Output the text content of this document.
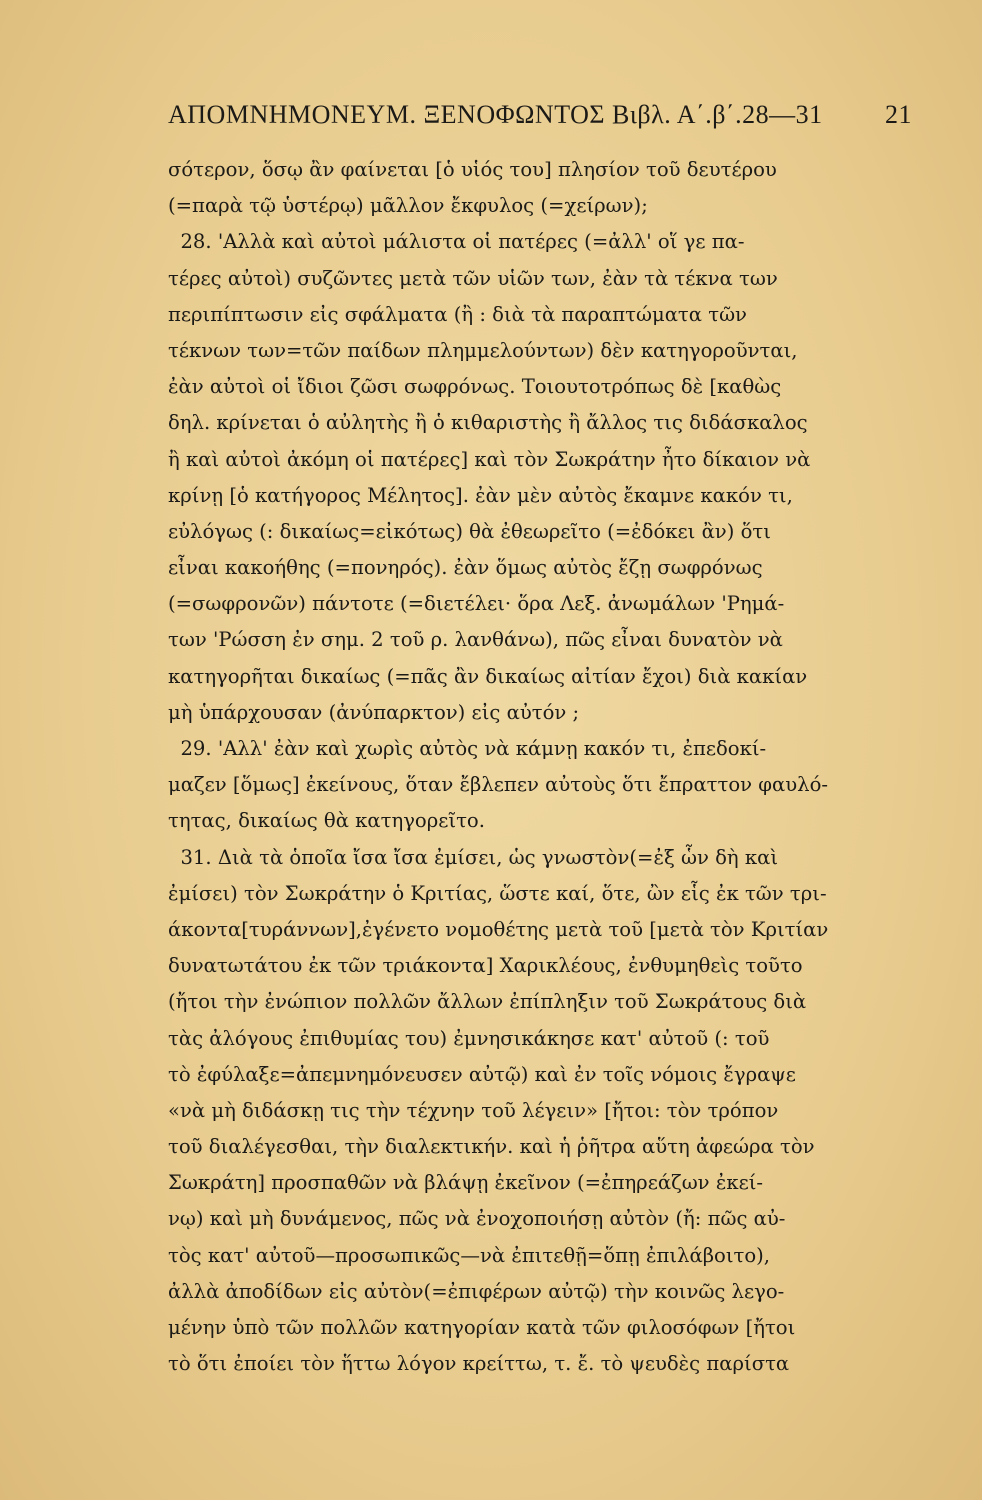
ΑΠΟΜΝΗΜΟΝΕΥΜ. ΞΕΝΟΦΩΝΤΟΣ Βιβλ. Α΄.β΄.28—31 21
σότερον, ὅσῳ ἂν φαίνεται [ὁ υἱός του] πλησίον τοῦ δευτέρου
(=παρὰ τῷ ὑστέρῳ) μᾶλλον ἔκφυλος (=χείρων);
28. 'Αλλὰ καὶ αὐτοὶ μάλιστα οἱ πατέρες (=ἀλλ' οἵ γε πα-
τέρες αὐτοὶ) συζῶντες μετὰ τῶν υἱῶν των, ἐὰν τὰ τέκνα των
περιπίπτωσιν εἰς σφάλματα (ἢ : διὰ τὰ παραπτώματα τῶν
τέκνων των=τῶν παίδων πλημμελούντων) δὲν κατηγοροῦνται,
ἐὰν αὐτοὶ οἱ ἴδιοι ζῶσι σωφρόνως. Τοιουτοτρόπως δὲ [καθὼς
δηλ. κρίνεται ὁ αὐλητὴς ἢ ὁ κιθαριστὴς ἢ ἄλλος τις διδάσκαλος
ἢ καὶ αὐτοὶ ἀκόμη οἱ πατέρες] καὶ τὸν Σωκράτην ἦτο δίκαιον νὰ
κρίνῃ [ὁ κατήγορος Μέλητος]. ἐὰν μὲν αὐτὸς ἔκαμνε κακόν τι,
εὐλόγως (: δικαίως=εἰκότως) θὰ ἐθεωρεῖτο (=ἐδόκει ἂν) ὅτι
εἶναι κακοήθης (=πονηρός). ἐὰν ὅμως αὐτὸς ἔζῃ σωφρόνως
(=σωφρονῶν) πάντοτε (=διετέλει· ὅρα Λεξ. ἀνωμάλων 'Ρημά-
των 'Ρώσση ἐν σημ. 2 τοῦ ρ. λανθάνω), πῶς εἶναι δυνατὸν νὰ
κατηγορῆται δικαίως (=πᾶς ἂν δικαίως αἰτίαν ἔχοι) διὰ κακίαν
μὴ ὑπάρχουσαν (ἀνύπαρκτον) εἰς αὐτόν ;
29. 'Αλλ' ἐὰν καὶ χωρὶς αὐτὸς νὰ κάμνῃ κακόν τι, ἐπεδοκί-
μαζεν [ὅμως] ἐκείνους, ὅταν ἔβλεπεν αὐτοὺς ὅτι ἔπραττον φαυλό-
τητας, δικαίως θὰ κατηγορεῖτο.
31. Διὰ τὰ ὁποῖα ἴσα ἴσα ἐμίσει, ὡς γνωστὸν(=ἐξ ὧν δὴ καὶ
ἐμίσει) τὸν Σωκράτην ὁ Κριτίας, ὥστε καί, ὅτε, ὢν εἷς ἐκ τῶν τρι-
άκοντα[τυράννων],ἐγένετο νομοθέτης μετὰ τοῦ [μετὰ τὸν Κριτίαν
δυνατωτάτου ἐκ τῶν τριάκοντα] Χαρικλέους, ἐνθυμηθεὶς τοῦτο
(ἤτοι τὴν ἐνώπιον πολλῶν ἄλλων ἐπίπληξιν τοῦ Σωκράτους διὰ
τὰς ἀλόγους ἐπιθυμίας του) ἐμνησικάκησε κατ' αὐτοῦ (: τοῦ
τὸ ἐφύλαξε=ἀπεμνημόνευσεν αὐτῷ) καὶ ἐν τοῖς νόμοις ἔγραψε
«νὰ μὴ διδάσκῃ τις τὴν τέχνην τοῦ λέγειν» [ἤτοι: τὸν τρόπον
τοῦ διαλέγεσθαι, τὴν διαλεκτικήν. καὶ ἡ ῥῆτρα αὕτη ἀφεώρα τὸν
Σωκράτη] προσπαθῶν νὰ βλάψῃ ἐκεῖνον (=ἐπηρεάζων ἐκεί-
νῳ) καὶ μὴ δυνάμενος, πῶς νὰ ἐνοχοποιήσῃ αὐτὸν (ἤ: πῶς αὐ-
τὸς κατ' αὐτοῦ—προσωπικῶς—νὰ ἐπιτεθῇ=ὅπῃ ἐπιλάβοιτο),
ἀλλὰ ἀποδίδων εἰς αὐτὸν(=ἐπιφέρων αὐτῷ) τὴν κοινῶς λεγο-
μένην ὑπὸ τῶν πολλῶν κατηγορίαν κατὰ τῶν φιλοσόφων [ἤτοι
τὸ ὅτι ἐποίει τὸν ἥττω λόγον κρείττω, τ. ἔ. τὸ ψευδὲς παρίστα
